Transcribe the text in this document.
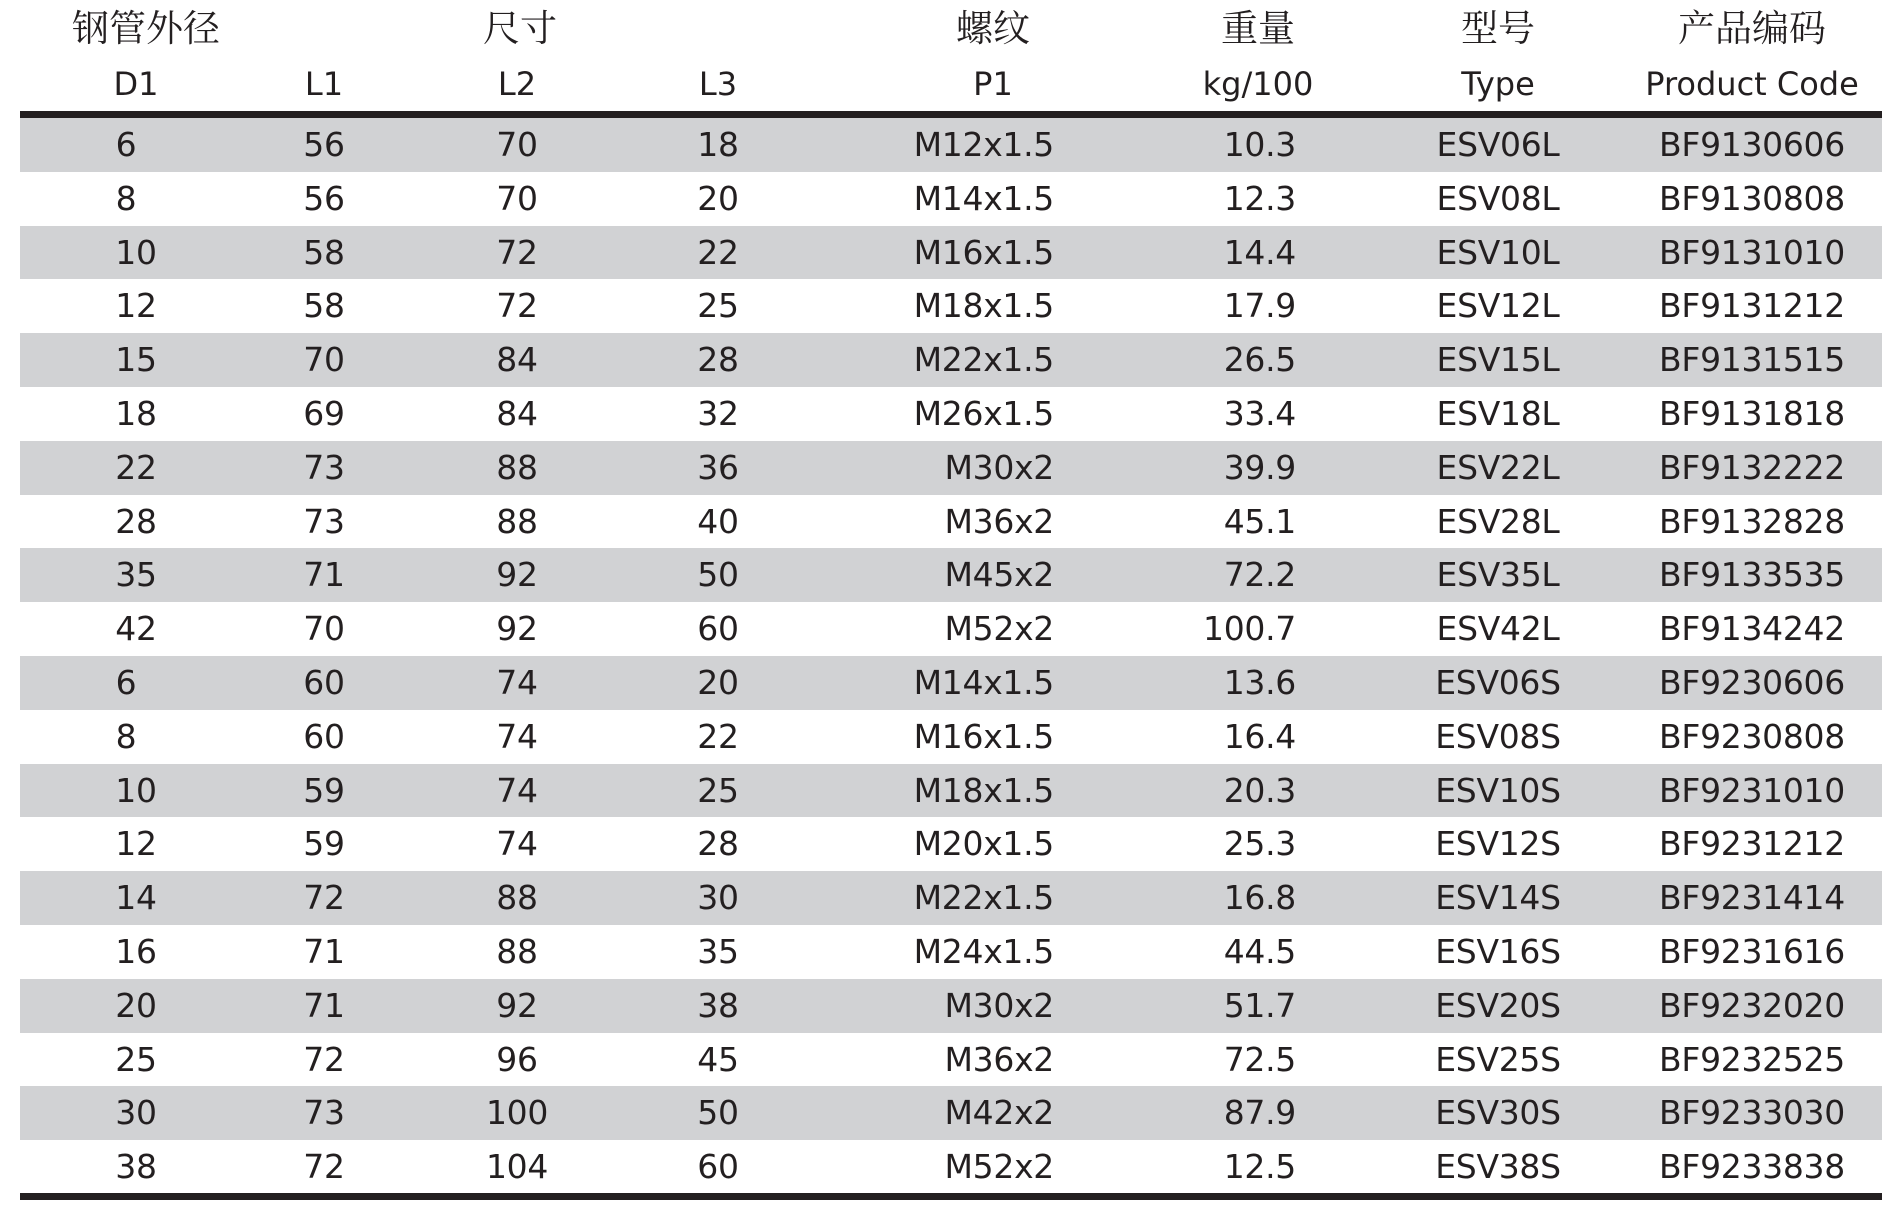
钢管外径	尺寸	螺纹	重量	型号	产品编码
D1	L1	L2	L3	P1	kg/100	Type	Product Code
6	56	70	18	M12x1.5	10.3	ESV06L	BF9130606
8	56	70	20	M14x1.5	12.3	ESV08L	BF9130808
10	58	72	22	M16x1.5	14.4	ESV10L	BF9131010
12	58	72	25	M18x1.5	17.9	ESV12L	BF9131212
15	70	84	28	M22x1.5	26.5	ESV15L	BF9131515
18	69	84	32	M26x1.5	33.4	ESV18L	BF9131818
22	73	88	36	M30x2	39.9	ESV22L	BF9132222
28	73	88	40	M36x2	45.1	ESV28L	BF9132828
35	71	92	50	M45x2	72.2	ESV35L	BF9133535
42	70	92	60	M52x2	100.7	ESV42L	BF9134242
6	60	74	20	M14x1.5	13.6	ESV06S	BF9230606
8	60	74	22	M16x1.5	16.4	ESV08S	BF9230808
10	59	74	25	M18x1.5	20.3	ESV10S	BF9231010
12	59	74	28	M20x1.5	25.3	ESV12S	BF9231212
14	72	88	30	M22x1.5	16.8	ESV14S	BF9231414
16	71	88	35	M24x1.5	44.5	ESV16S	BF9231616
20	71	92	38	M30x2	51.7	ESV20S	BF9232020
25	72	96	45	M36x2	72.5	ESV25S	BF9232525
30	73	100	50	M42x2	87.9	ESV30S	BF9233030
38	72	104	60	M52x2	12.5	ESV38S	BF9233838
